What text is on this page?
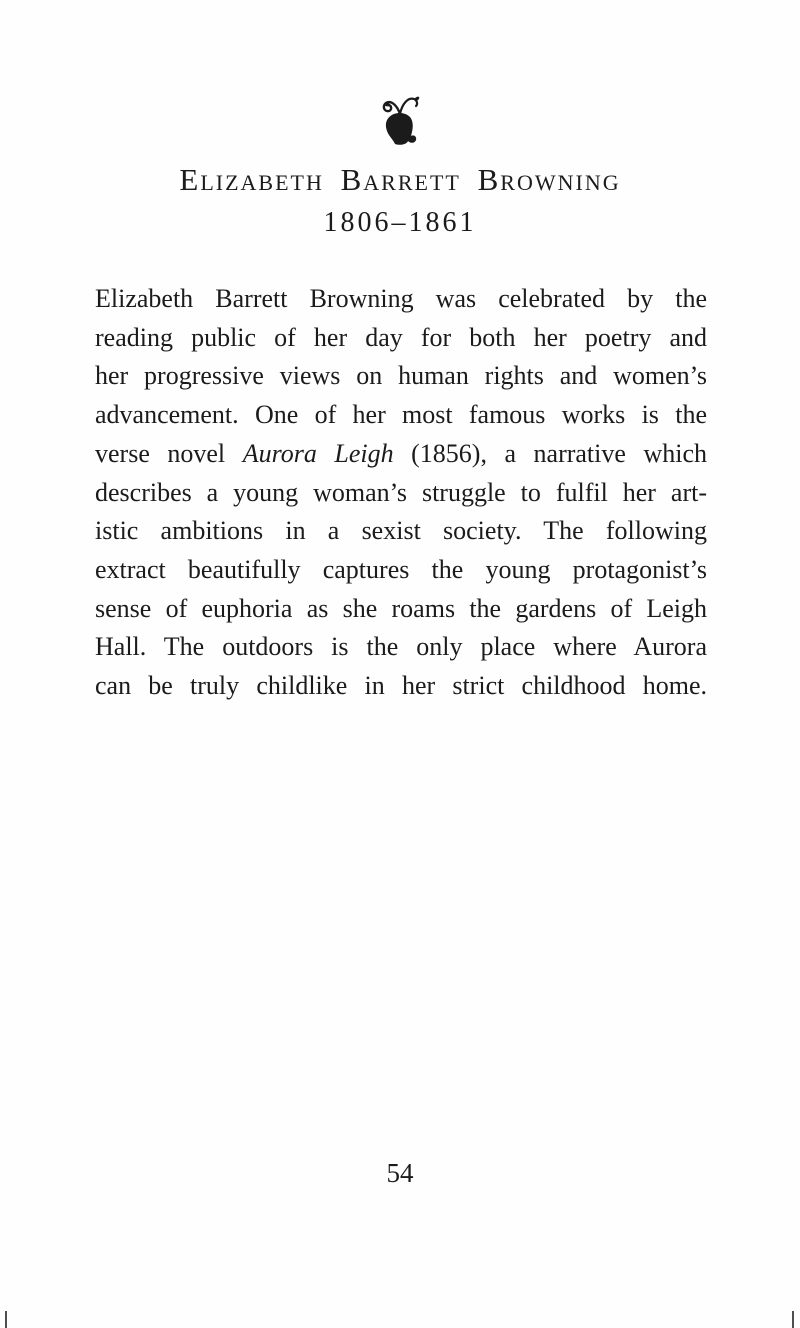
Elizabeth Barrett Browning
1806–1861
Elizabeth Barrett Browning was celebrated by the
reading public of her day for both her poetry and
her progressive views on human rights and women’s
advancement. One of her most famous works is the
verse novel Aurora Leigh (1856), a narrative which
describes a young woman’s struggle to fulfil her art-
istic ambitions in a sexist society. The following
extract beautifully captures the young protagonist’s
sense of euphoria as she roams the gardens of Leigh
Hall. The outdoors is the only place where Aurora
can be truly childlike in her strict childhood home.
54
